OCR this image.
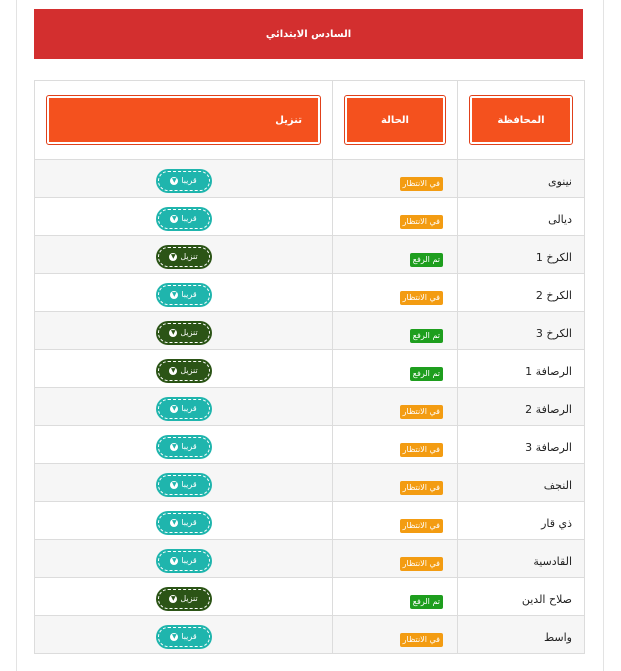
السادس الابتدائي
تنزيل	الحالة	المحافظة

▼ قريبا	في الانتظار	نينوى

▼ قريبا	في الانتظار	ديالى

▼ تنزيل	تم الرفع	الكرخ 1

▼ قريبا	في الانتظار	الكرخ 2

▼ تنزيل	تم الرفع	الكرخ 3

▼ تنزيل	تم الرفع	الرصافة 1

▼ قريبا	في الانتظار	الرصافة 2

▼ قريبا	في الانتظار	الرصافة 3

▼ قريبا	في الانتظار	النجف

▼ قريبا	في الانتظار	ذي قار

▼ قريبا	في الانتظار	القادسية

▼ تنزيل	تم الرفع	صلاح الدين

▼ قريبا	في الانتظار	واسط
